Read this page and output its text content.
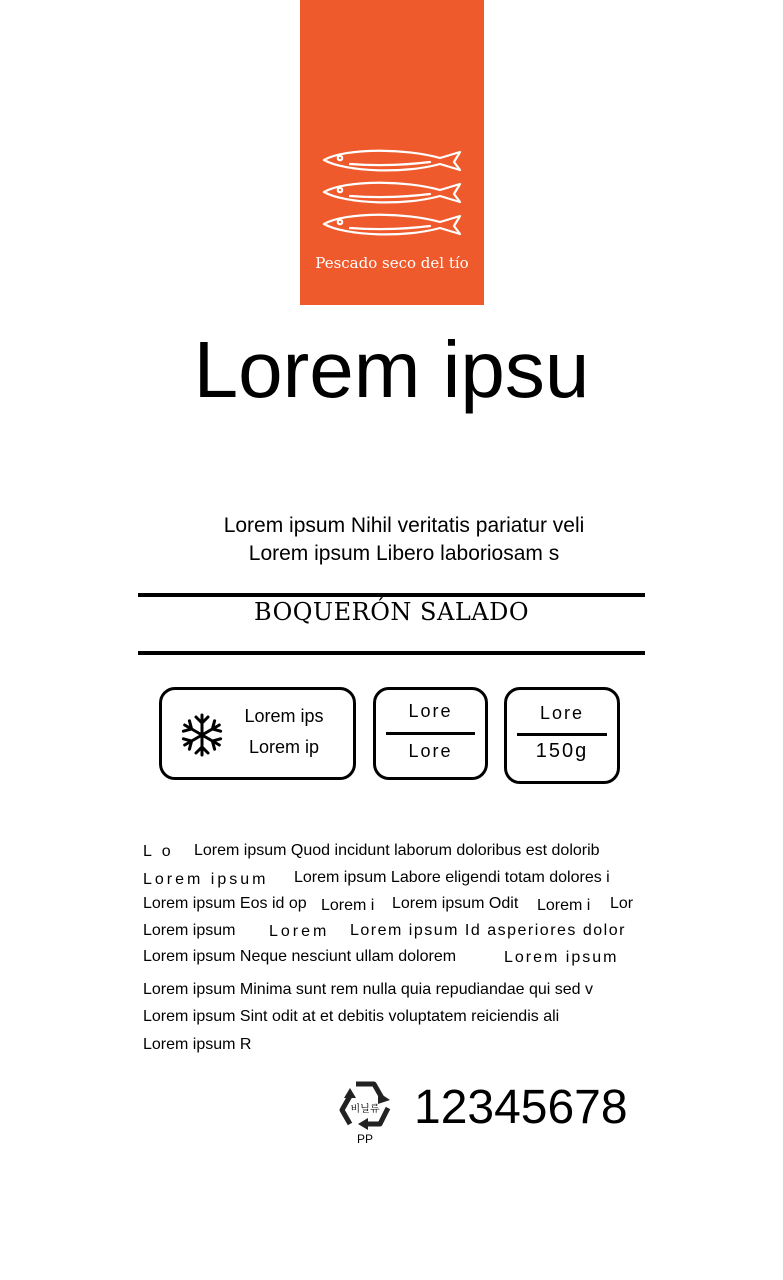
Pescado seco del tío
Lorem ipsu
Lorem ipsum Nihil veritatis pariatur veli
Lorem ipsum Libero laboriosam s
BOQUERÓN SALADO
Lorem ips
Lorem ip
Lore
Lore
Lore
150g
L o Lorem ipsum Quod incidunt laborum doloribus est dolorib
Lorem ipsum Lorem ipsum Labore eligendi totam dolores i
Lorem ipsum Eos id op Lorem i Lorem ipsum Odit Lorem i Lor
Lorem ipsum Lorem Lorem ipsum Id asperiores dolor
Lorem ipsum Neque nesciunt ullam dolorem	Lorem ipsum
Lorem ipsum Minima sunt rem nulla quia repudiandae qui sed v
Lorem ipsum Sint odit at et debitis voluptatem reiciendis ali
Lorem ipsum R
비닐류
PP
12345678
